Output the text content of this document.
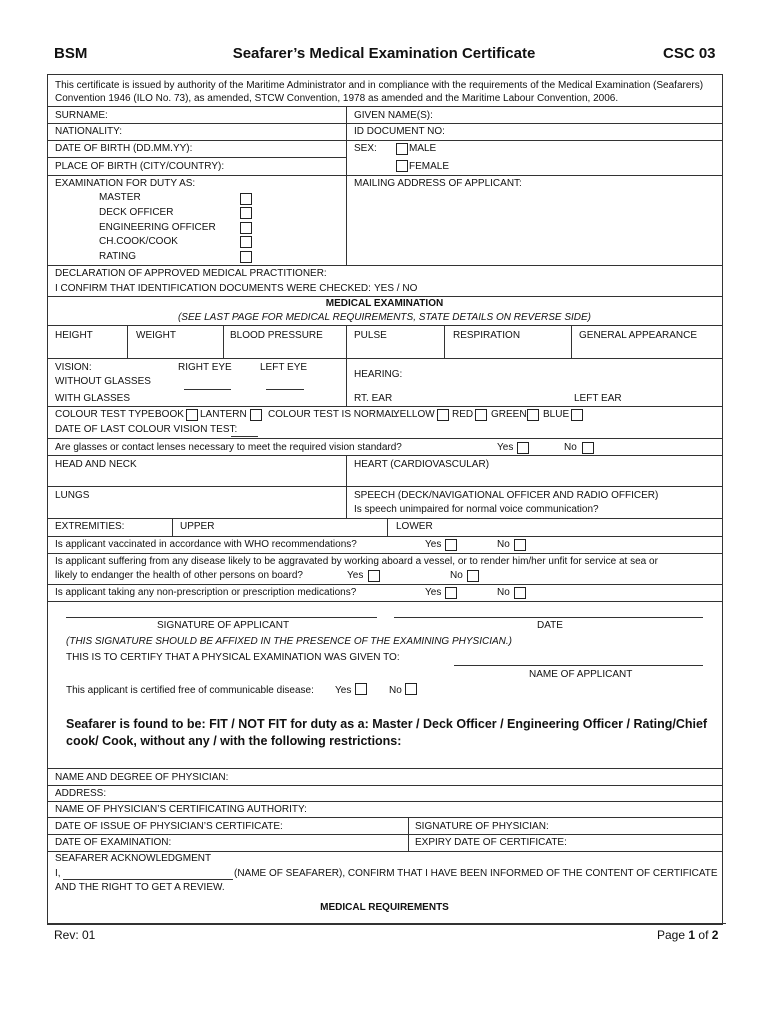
BSM	Seafarer’s Medical Examination Certificate	CSC 03
This certificate is issued by authority of the Maritime Administrator and in compliance with the requirements of the Medical Examination (Seafarers) Convention 1946 (ILO No. 73), as amended, STCW Convention, 1978 as amended and the Maritime Labour Convention, 2006.
SURNAME:	GIVEN NAME(S):
NATIONALITY:	ID DOCUMENT NO:
DATE OF BIRTH (DD.MM.YY):	SEX:	MALE
FEMALE
PLACE OF BIRTH (CITY/COUNTRY):
EXAMINATION FOR DUTY AS:	MAILING ADDRESS OF APPLICANT:
MASTER
DECK OFFICER
ENGINEERING OFFICER
CH.COOK/COOK
RATING
DECLARATION OF APPROVED MEDICAL PRACTITIONER:
I CONFIRM THAT IDENTIFICATION DOCUMENTS WERE CHECKED: YES / NO
MEDICAL EXAMINATION
(SEE LAST PAGE FOR MEDICAL REQUIREMENTS, STATE DETAILS ON REVERSE SIDE)
HEIGHT	WEIGHT	BLOOD PRESSURE	PULSE	RESPIRATION	GENERAL APPEARANCE
VISION:	RIGHT EYE	LEFT EYE
WITHOUT GLASSES
WITH GLASSES
HEARING:
RT. EAR	LEFT EAR
COLOUR TEST TYPE:
BOOK LANTERN COLOUR TEST IS NORMAL:
YELLOW RED GREEN BLUE
DATE OF LAST COLOUR VISION TEST:
Are glasses or contact lenses necessary to meet the required vision standard?	Yes	No
HEAD AND NECK	HEART (CARDIOVASCULAR)
LUNGS	SPEECH (DECK/NAVIGATIONAL OFFICER AND RADIO OFFICER)
Is speech unimpaired for normal voice communication?
EXTREMITIES:	UPPER	LOWER
Is applicant vaccinated in accordance with WHO recommendations?	Yes	No
Is applicant suffering from any disease likely to be aggravated by working aboard a vessel, or to render him/her unfit for service at sea or
likely to endanger the health of other persons on board?	Yes	No
Is applicant taking any non-prescription or prescription medications?	Yes	No
SIGNATURE OF APPLICANT	DATE
(THIS SIGNATURE SHOULD BE AFFIXED IN THE PRESENCE OF THE EXAMINING PHYSICIAN.)
THIS IS TO CERTIFY THAT A PHYSICAL EXAMINATION WAS GIVEN TO:
NAME OF APPLICANT
This applicant is certified free of communicable disease: Yes	No
Seafarer is found to be: FIT / NOT FIT for duty as a: Master / Deck Officer / Engineering Officer / Rating/Chief cook/ Cook, without any / with the following restrictions:
NAME AND DEGREE OF PHYSICIAN:
ADDRESS:
NAME OF PHYSICIAN’S CERTIFICATING AUTHORITY:
DATE OF ISSUE OF PHYSICIAN’S CERTIFICATE:	SIGNATURE OF PHYSICIAN:
DATE OF EXAMINATION:	EXPIRY DATE OF CERTIFICATE:
SEAFARER ACKNOWLEDGMENT
I,	(NAME OF SEAFARER), CONFIRM THAT I HAVE BEEN INFORMED OF THE CONTENT OF CERTIFICATE
AND THE RIGHT TO GET A REVIEW.
MEDICAL REQUIREMENTS
Rev: 01	Page 1 of 2
